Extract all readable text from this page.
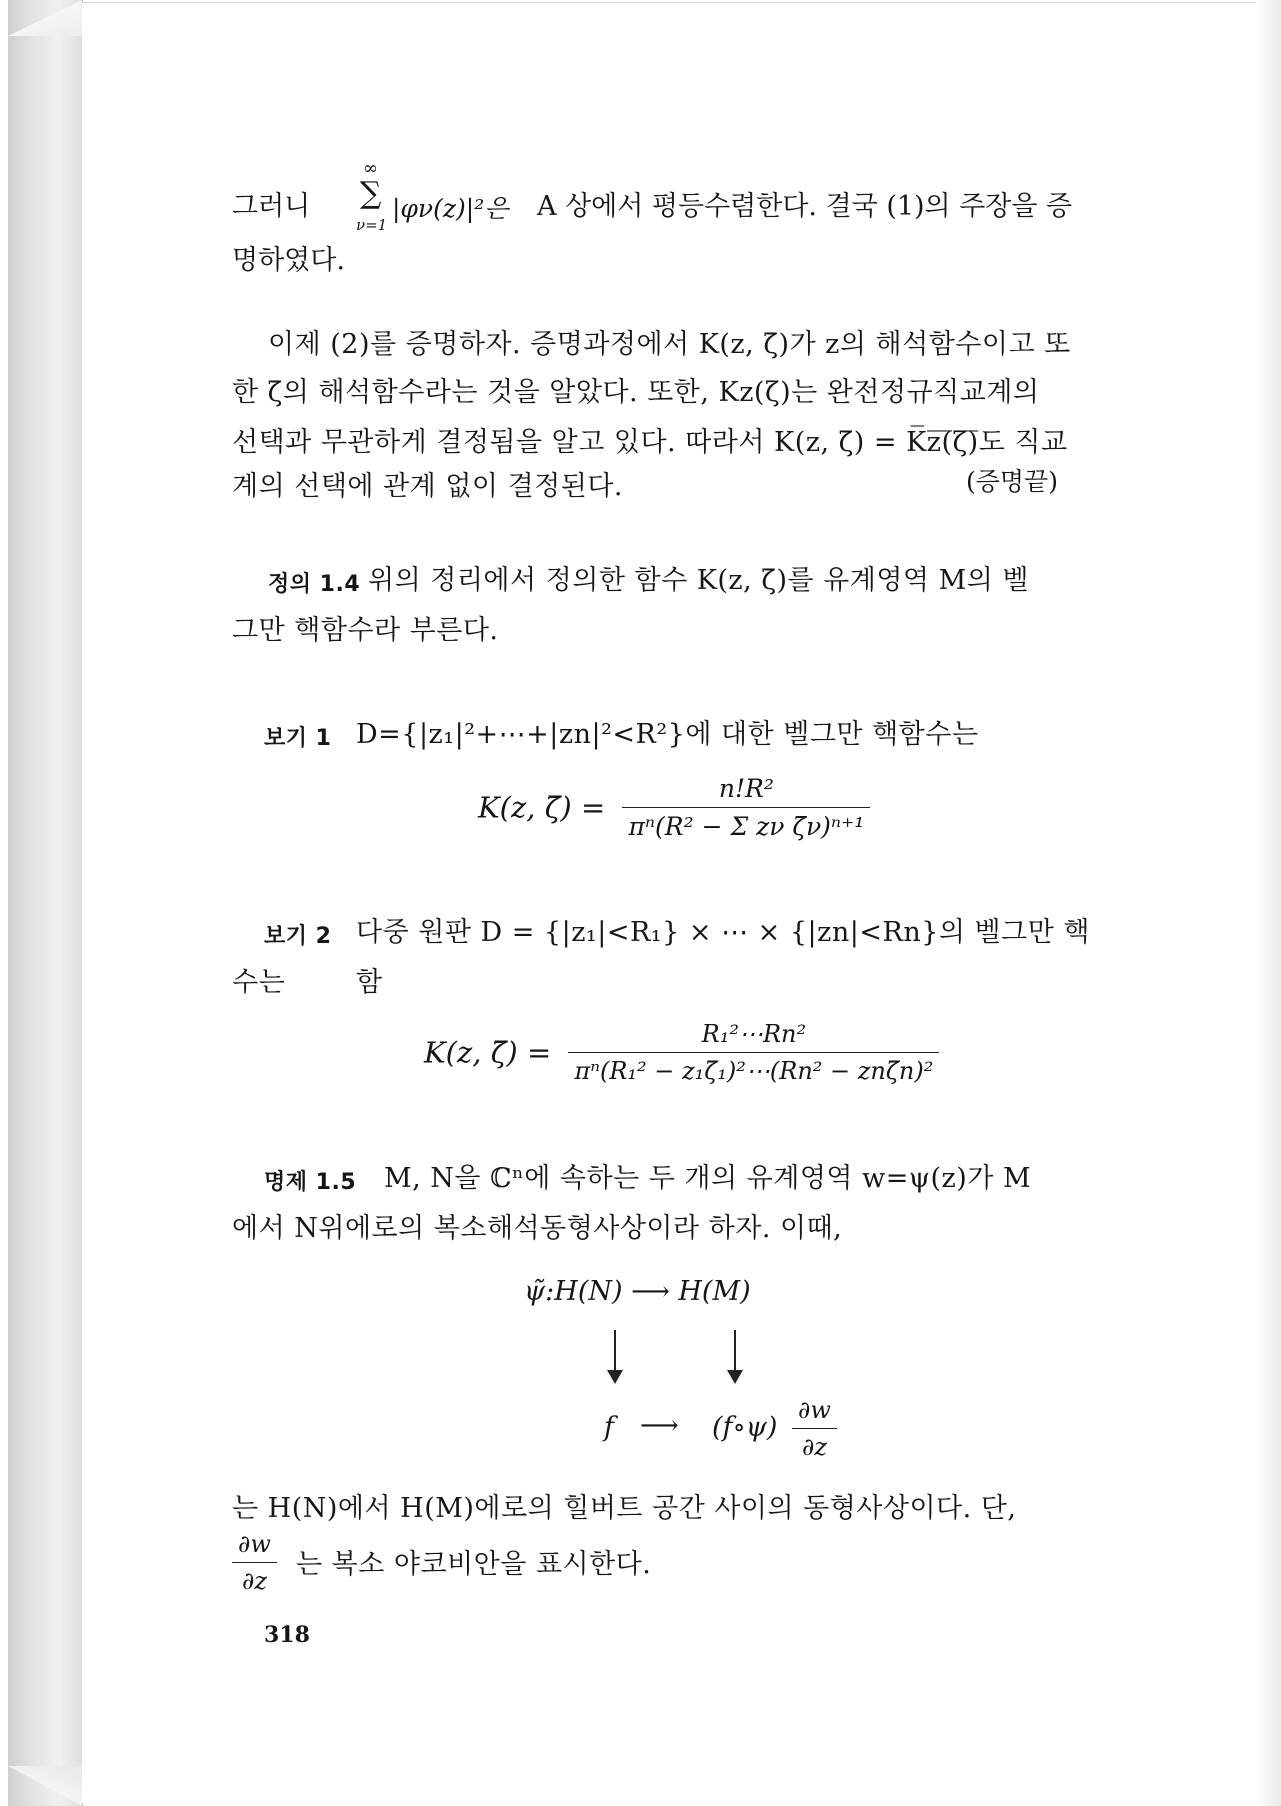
그러니
∞
∑
ν=1
|φν(z)|²은 A 상에서 평등수렴한다. 결국 (1)의 주장을 증
명하였다.

이제 (2)를 증명하자. 증명과정에서 K(z, ζ̄)가 z의 해석함수이고 또

한 ζ̄의 해석함수라는 것을 알았다. 또한, Kz(ζ)는 완전정규직교계의

선택과 무관하게 결정됨을 알고 있다. 따라서 K(z, ζ̄) = K̅z̅(̅ζ̅)̅도 직교

계의 선택에 관계 없이 결정된다.	(증명끝)
정의 1.4 위의 정리에서 정의한 함수 K(z, ζ̄)를 유계영역 M의 벨

그만 핵함수라 부른다.

보기 1 D={|z₁|²+⋯+|zn|²<R²}에 대한 벨그만 핵함수는

K(z, ζ̄) = $\frac{\text{n!R²}}{\text{πⁿ(R² − Σ zν ζ̄ν)ⁿ⁺¹}}$
보기 2 다중 원판 D = {|z₁|<R₁} × ⋯ × {|zn|<Rn}의 벨그만 핵함

수는

K(z, ζ̄) = $\frac{\text{R₁²⋯Rn²}}{\text{πⁿ(R₁² − z₁ζ̄₁)²⋯(Rn² − znζ̄n)²}}$
명제 1.5 M, N을 ℂⁿ에 속하는 두 개의 유계영역 w=ψ(z)가 M

에서 N위에로의 복소해석동형사상이라 하자. 이때,

ψ̃:H(N) ⟶ H(M)
f ⟶ (f∘ψ) $\frac{\partial w}{\partial z}$

는 H(N)에서 H(M)에로의 힐버트 공간 사이의 동형사상이다. 단,

$\frac{\partial w}{\partial z}$ 는 복소 야코비안을 표시한다.

318
